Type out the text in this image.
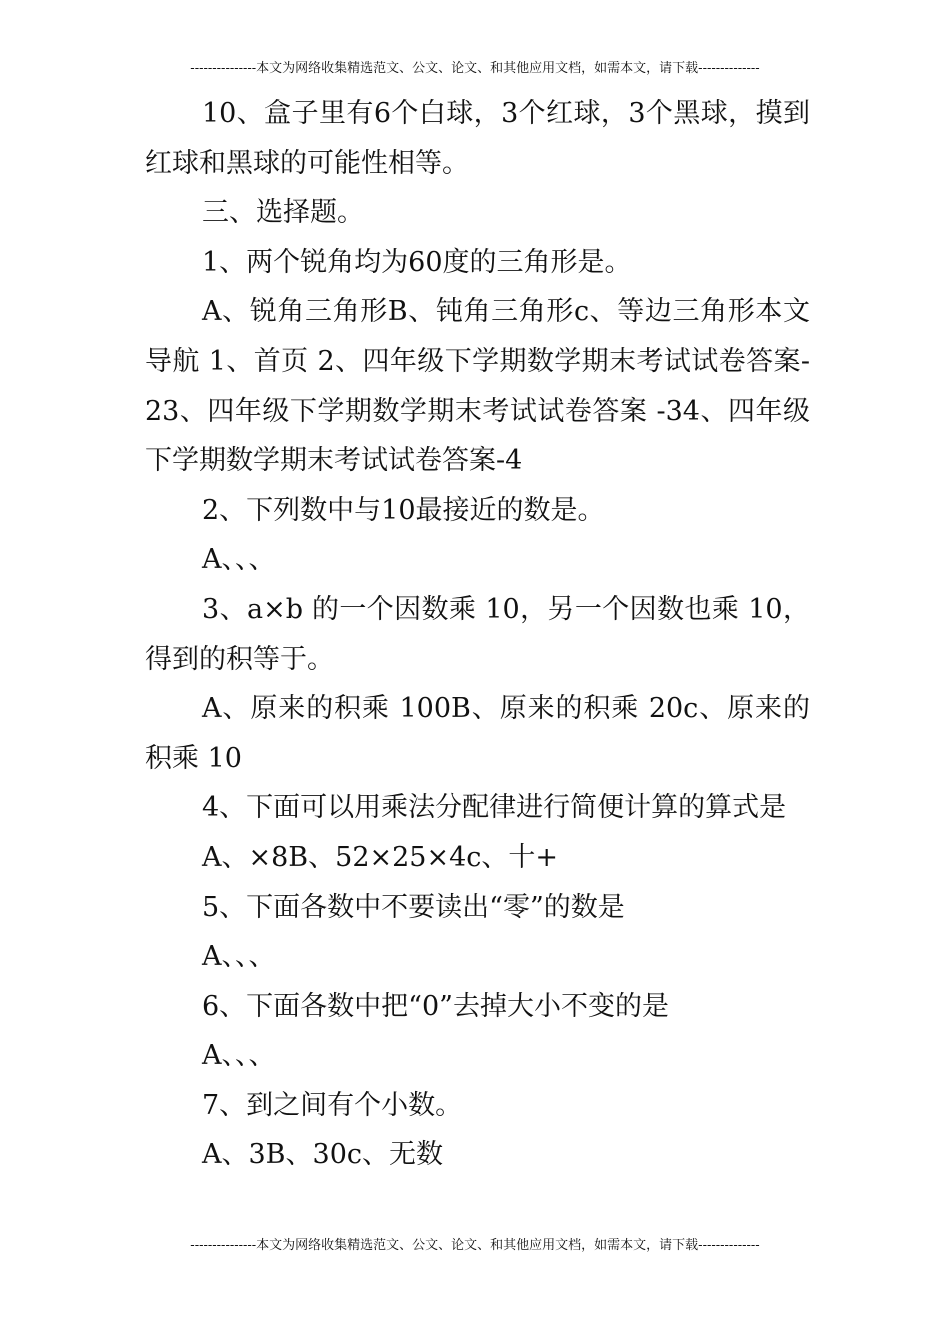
---------------本文为网络收集精选范文、公文、论文、和其他应用文档，如需本文，请下载--------------

10、盒子里有6个白球，3个红球，3个黑球，摸到红球和黑球的可能性相等。

三、选择题。

1、两个锐角均为60度的三角形是。

A、锐角三角形B、钝角三角形c、等边三角形本文导航 1、首页 2、四年级下学期数学期末考试试卷答案-23、四年级下学期数学期末考试试卷答案 -34、四年级下学期数学期末考试试卷答案-4

2、下列数中与10最接近的数是。

A、、、

3、a×b 的一个因数乘 10，另一个因数也乘 10，得到的积等于。

A、原来的积乘 100B、原来的积乘 20c、原来的积乘 10

4、下面可以用乘法分配律进行简便计算的算式是

A、×8B、52×25×4c、十+

5、下面各数中不要读出“零”的数是

A、、、

6、下面各数中把“0”去掉大小不变的是

A、、、

7、到之间有个小数。

A、3B、30c、无数

---------------本文为网络收集精选范文、公文、论文、和其他应用文档，如需本文，请下载--------------
